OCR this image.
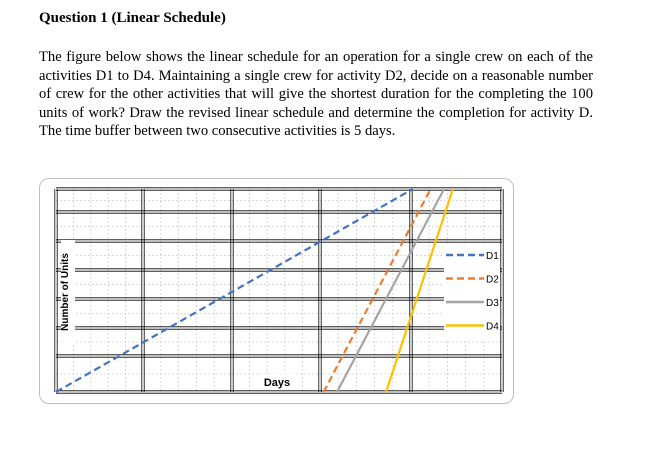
Question 1 (Linear Schedule)

The figure below shows the linear schedule for an operation for a single crew on each of the activities D1 to D4. Maintaining a single crew for activity D2, decide on a reasonable number of crew for the other activities that will give the shortest duration for the completing the 100 units of work? Draw the revised linear schedule and determine the completion for activity D. The time buffer between two consecutive activities is 5 days.

D1
D2
D3
D4
Days
Number of Units
